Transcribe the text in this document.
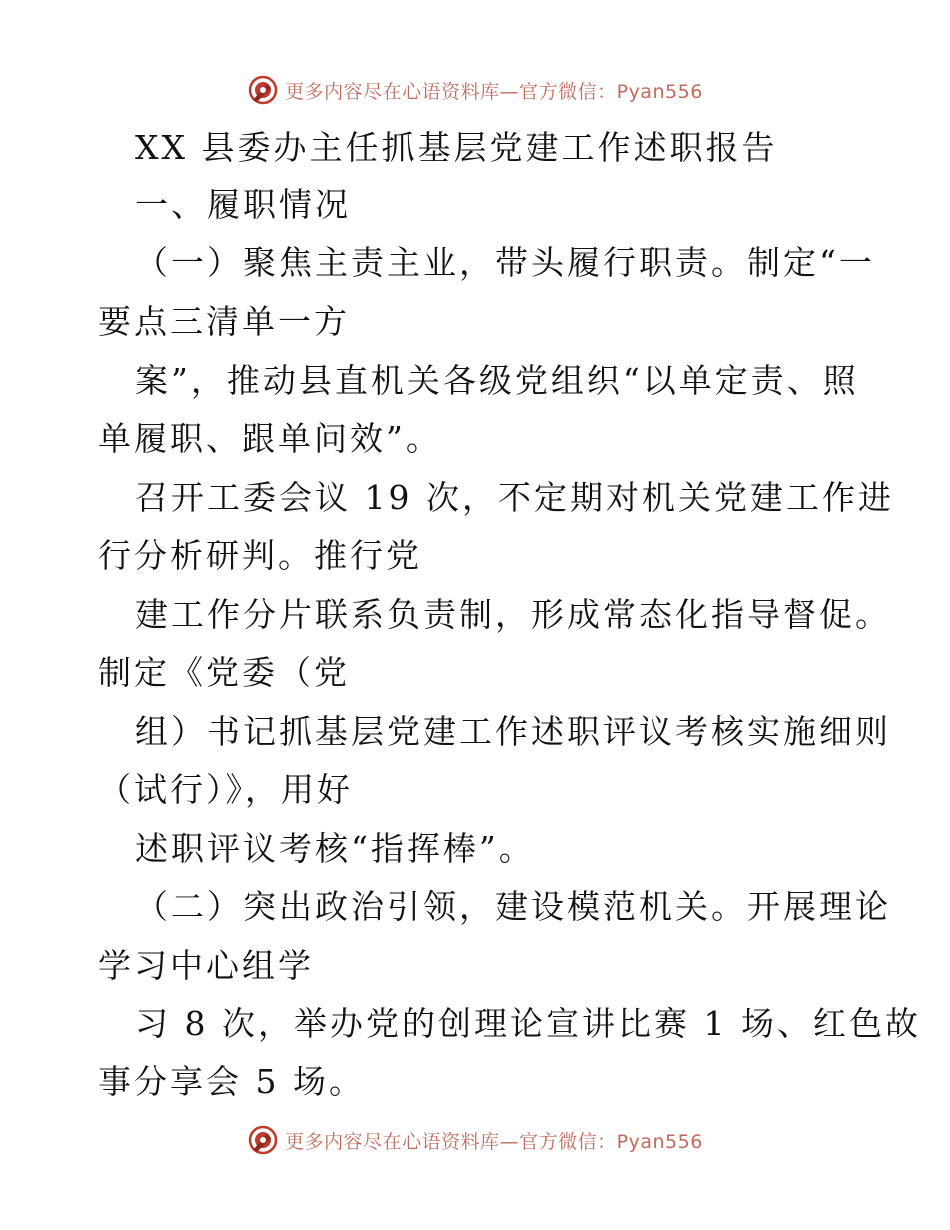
更多内容尽在心语资料库—官方微信：Pyan556
XX 县委办主任抓基层党建工作述职报告
一、履职情况
（一）聚焦主责主业，带头履行职责。制定“一
要点三清单一方
案”，推动县直机关各级党组织“以单定责、照
单履职、跟单问效”。
召开工委会议 19 次，不定期对机关党建工作进
行分析研判。推行党
建工作分片联系负责制，形成常态化指导督促。
制定《党委（党
组）书记抓基层党建工作述职评议考核实施细则
（试行）》，用好
述职评议考核“指挥棒”。
（二）突出政治引领，建设模范机关。开展理论
学习中心组学
习 8 次，举办党的创理论宣讲比赛 1 场、红色故
事分享会 5 场。
更多内容尽在心语资料库—官方微信：Pyan556
